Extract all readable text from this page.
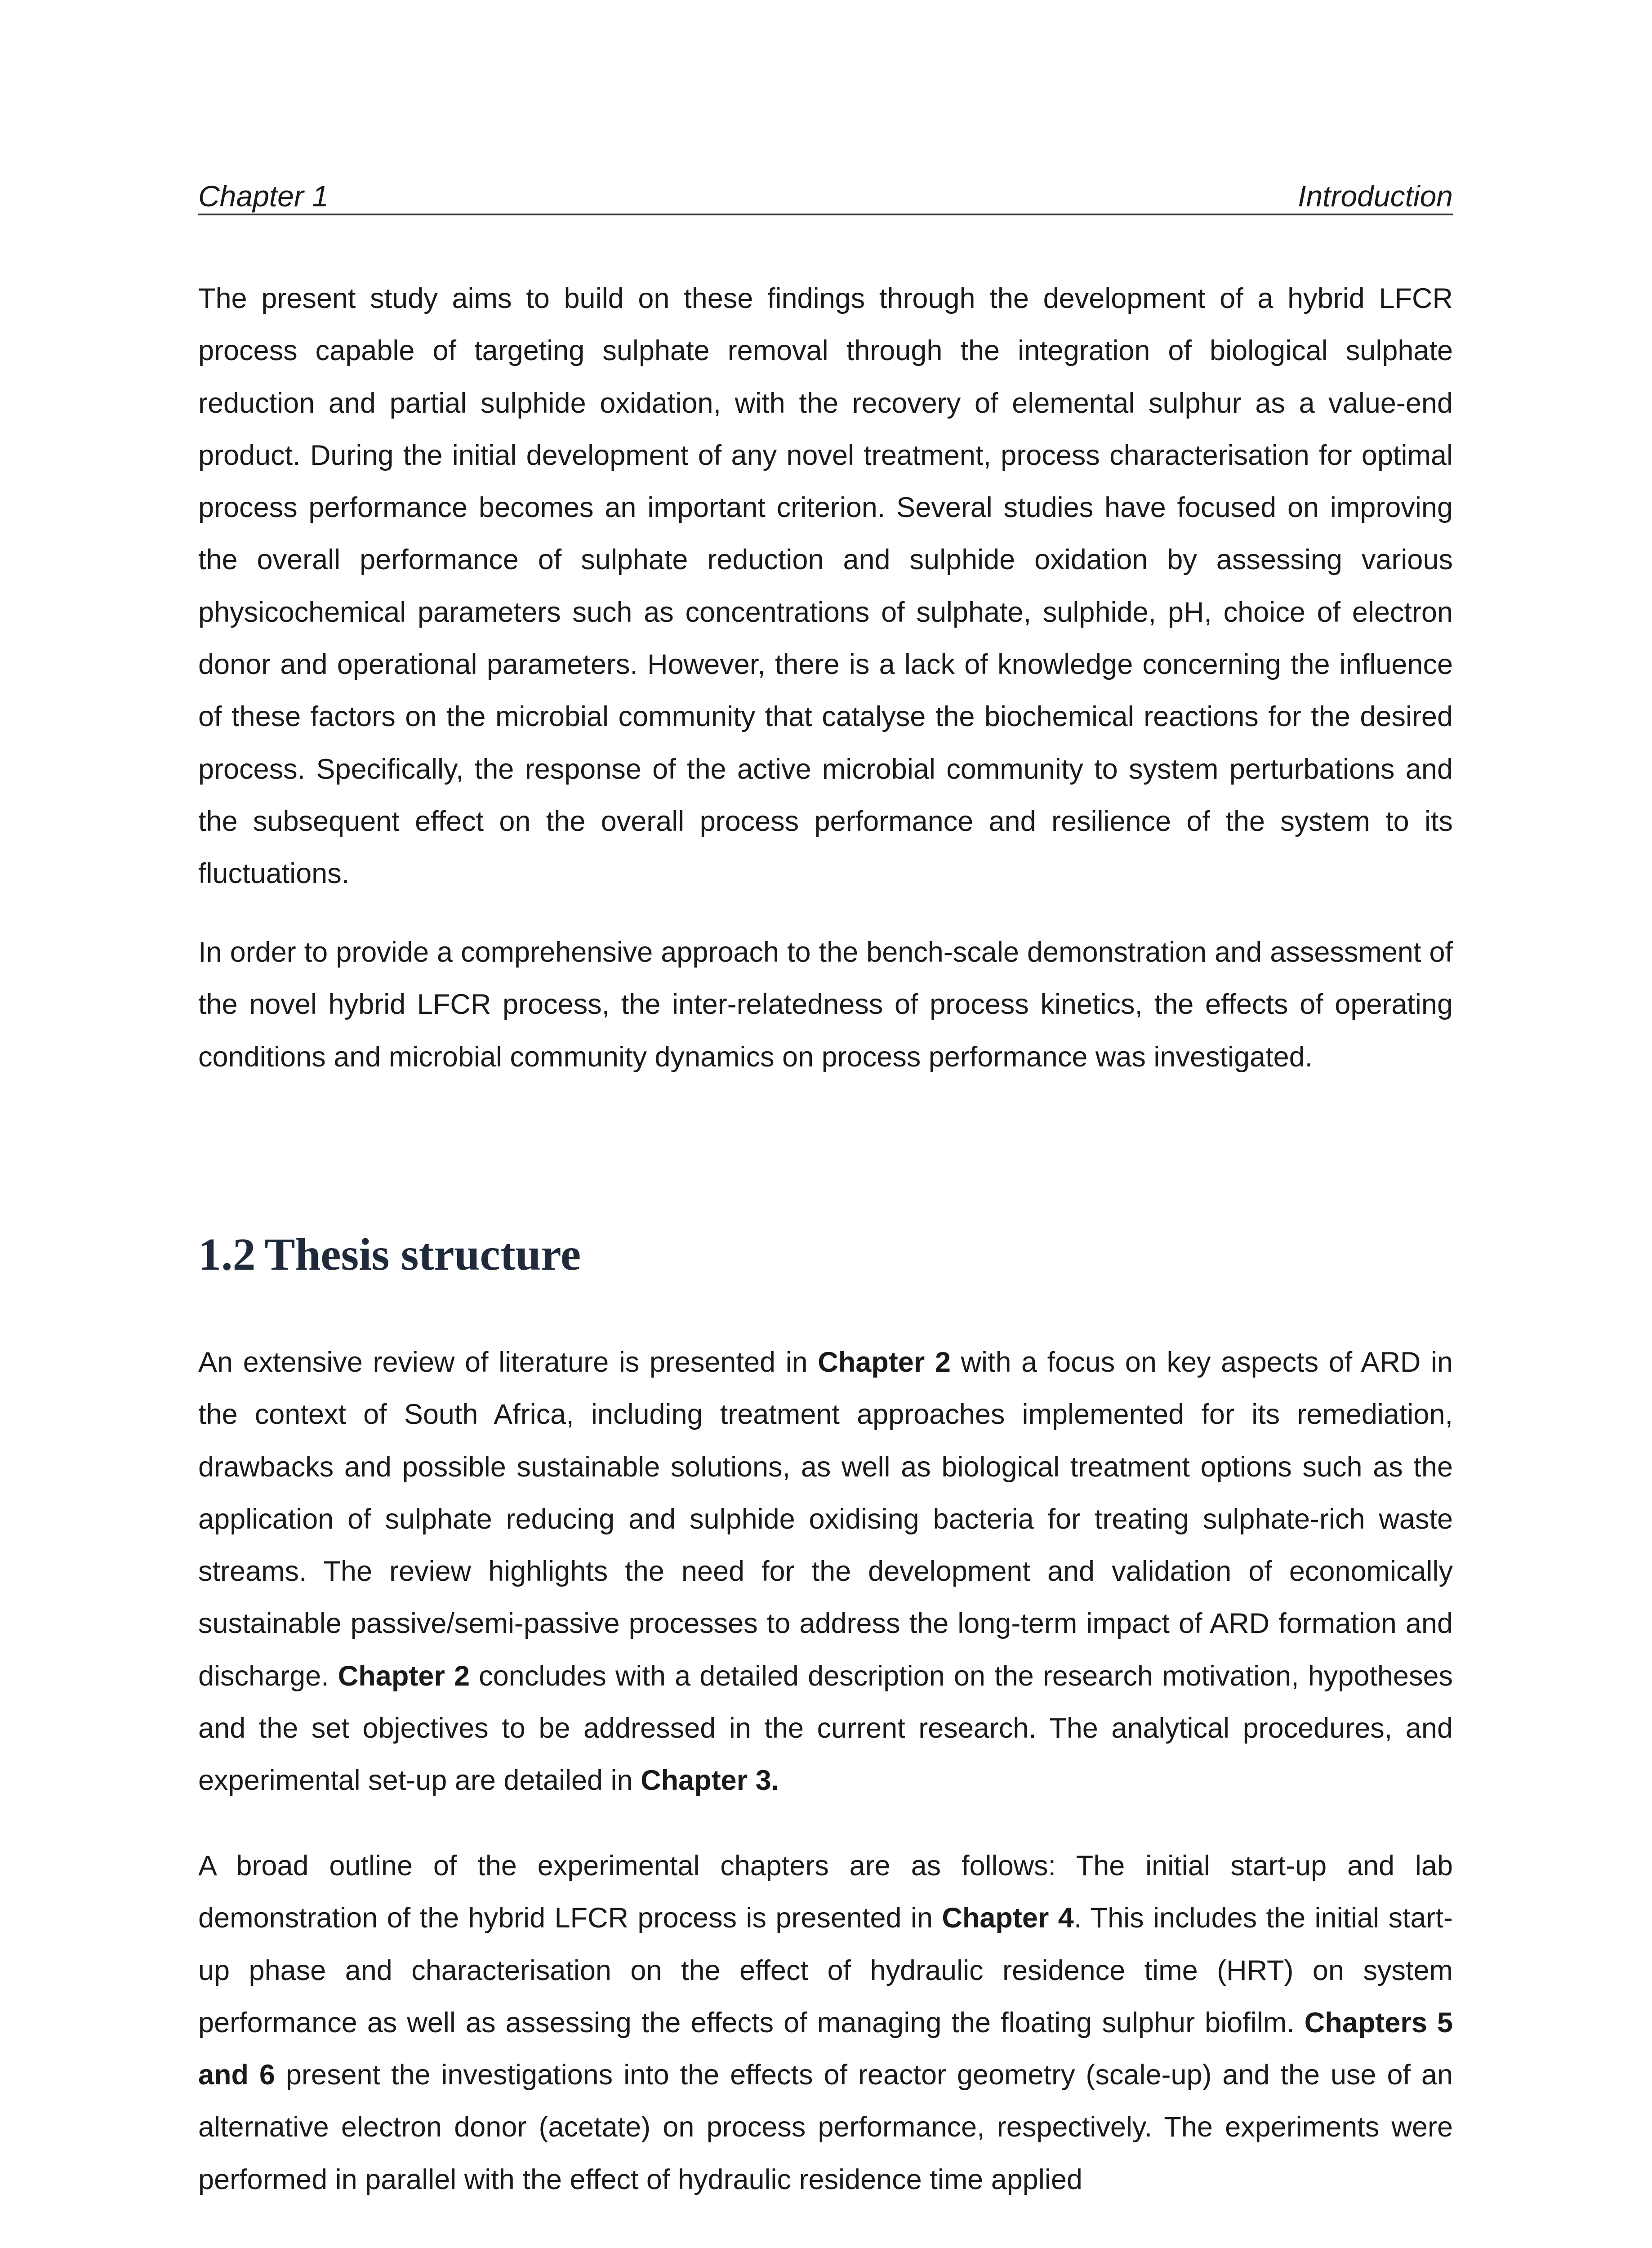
Chapter 1	Introduction

The present study aims to build on these findings through the development of a hybrid LFCR process capable of targeting sulphate removal through the integration of biological sulphate reduction and partial sulphide oxidation, with the recovery of elemental sulphur as a value-end product. During the initial development of any novel treatment, process characterisation for optimal process performance becomes an important criterion. Several studies have focused on improving the overall performance of sulphate reduction and sulphide oxidation by assessing various physicochemical parameters such as concentrations of sulphate, sulphide, pH, choice of electron donor and operational parameters. However, there is a lack of knowledge concerning the influence of these factors on the microbial community that catalyse the biochemical reactions for the desired process. Specifically, the response of the active microbial community to system perturbations and the subsequent effect on the overall process performance and resilience of the system to its fluctuations.

In order to provide a comprehensive approach to the bench-scale demonstration and assessment of the novel hybrid LFCR process, the inter-relatedness of process kinetics, the effects of operating conditions and microbial community dynamics on process performance was investigated.

1.2 Thesis structure

An extensive review of literature is presented in Chapter 2 with a focus on key aspects of ARD in the context of South Africa, including treatment approaches implemented for its remediation, drawbacks and possible sustainable solutions, as well as biological treatment options such as the application of sulphate reducing and sulphide oxidising bacteria for treating sulphate-rich waste streams. The review highlights the need for the development and validation of economically sustainable passive/semi-passive processes to address the long-term impact of ARD formation and discharge. Chapter 2 concludes with a detailed description on the research motivation, hypotheses and the set objectives to be addressed in the current research. The analytical procedures, and experimental set-up are detailed in Chapter 3.

A broad outline of the experimental chapters are as follows: The initial start-up and lab demonstration of the hybrid LFCR process is presented in Chapter 4. This includes the initial start-up phase and characterisation on the effect of hydraulic residence time (HRT) on system performance as well as assessing the effects of managing the floating sulphur biofilm. Chapters 5 and 6 present the investigations into the effects of reactor geometry (scale-up) and the use of an alternative electron donor (acetate) on process performance, respectively. The experiments were performed in parallel with the effect of hydraulic residence time applied
